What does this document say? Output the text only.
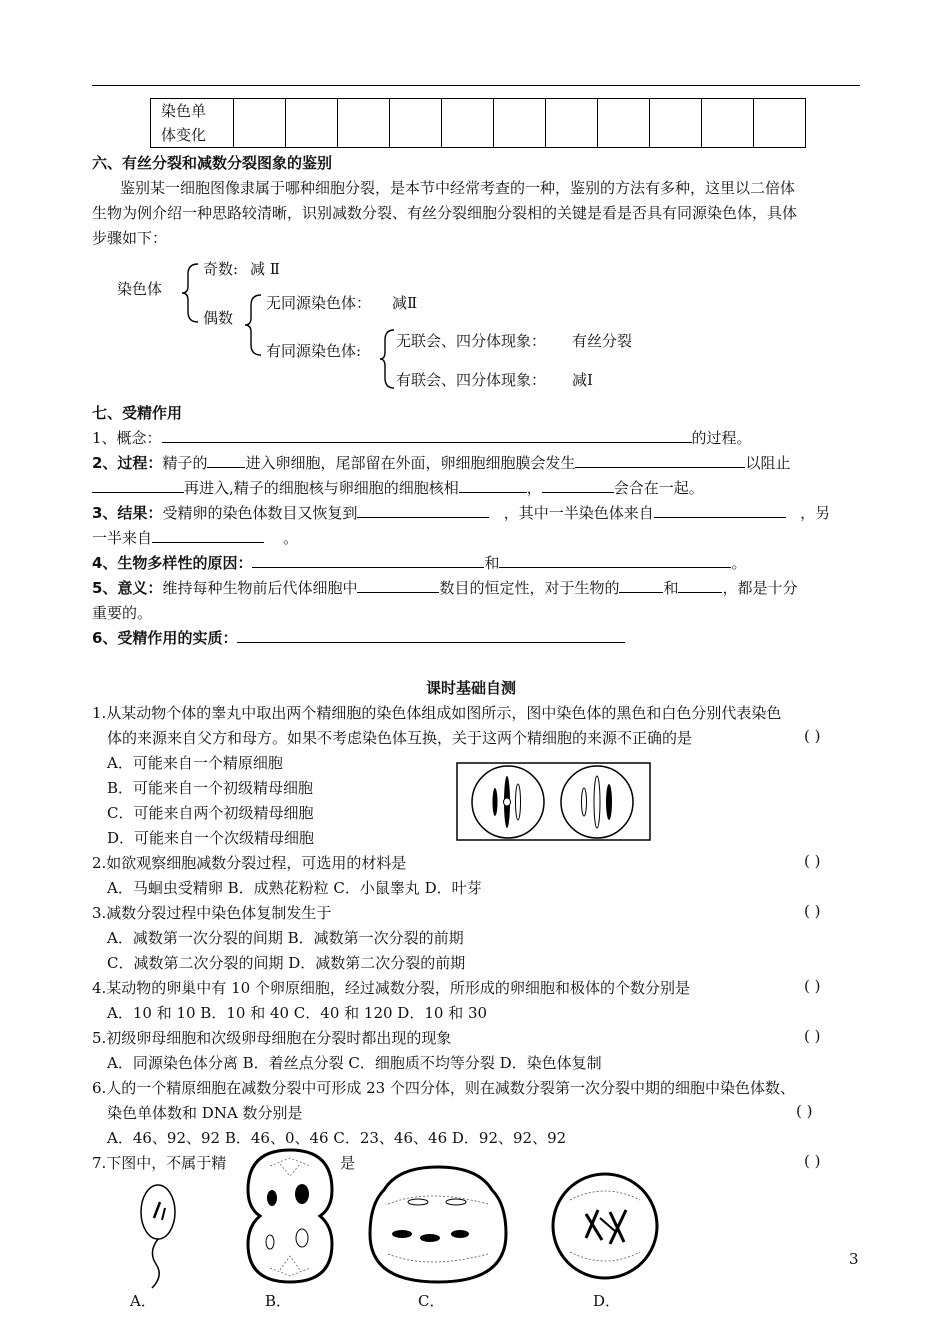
染色单
体变化											
六、有丝分裂和减数分裂图象的鉴别
鉴别某一细胞图像隶属于哪种细胞分裂，是本节中经常考查的一种，鉴别的方法有多种，这里以二倍体
生物为例介绍一种思路较清晰，识别减数分裂、有丝分裂细胞分裂相的关键是看是否具有同源染色体，具体
步骤如下：
染色体
奇数: 减 Ⅱ
偶数
无同源染色体： 减Ⅱ
有同源染色体:
无联会、四分体现象： 有丝分裂
有联会、四分体现象： 减Ⅰ
七、受精作用
1、概念：	的过程。
2、过程：精子的	进入卵细胞，尾部留在外面，卵细胞细胞膜会发生	以阻止
再进入,精子的细胞核与卵细胞的细胞核相	，	会合在一起。
3、结果：受精卵的染色体数目又恢复到	，其中一半染色体来自	，另
一半来自	。
4、生物多样性的原因：	和	。
5、意义：维持每种生物前后代体细胞中	数目的恒定性，对于生物的	和	，都是十分
重要的。
6、受精作用的实质：
课时基础自测
1.从某动物个体的睾丸中取出两个精细胞的染色体组成如图所示，图中染色体的黑色和白色分别代表染色
体的来源来自父方和母方。如果不考虑染色体互换，关于这两个精细胞的来源不正确的是	( )
A．可能来自一个精原细胞
B．可能来自一个初级精母细胞
C．可能来自两个初级精母细胞
D．可能来自一个次级精母细胞
2.如欲观察细胞减数分裂过程，可选用的材料是	( )
A．马蛔虫受精卵 B．成熟花粉粒 C．小鼠睾丸 D．叶芽
3.减数分裂过程中染色体复制发生于	( )
A．减数第一次分裂的间期 B．减数第一次分裂的前期
C．减数第二次分裂的间期 D．减数第二次分裂的前期
4.某动物的卵巢中有 10 个卵原细胞，经过减数分裂，所形成的卵细胞和极体的个数分别是	( )
A．10 和 10 B．10 和 40 C．40 和 120 D．10 和 30
5.初级卵母细胞和次级卵母细胞在分裂时都出现的现象	( )
A．同源染色体分离 B．着丝点分裂 C．细胞质不均等分裂 D．染色体复制
6.人的一个精原细胞在减数分裂中可形成 23 个四分体，则在减数分裂第一次分裂中期的细胞中染色体数、
染色单体数和 DNA 数分别是	( )
A．46、92、92 B．46、0、46 C．23、46、46 D．92、92、92
7.下图中，不属于精	是	( )
A．	B．	C．	D．
3
